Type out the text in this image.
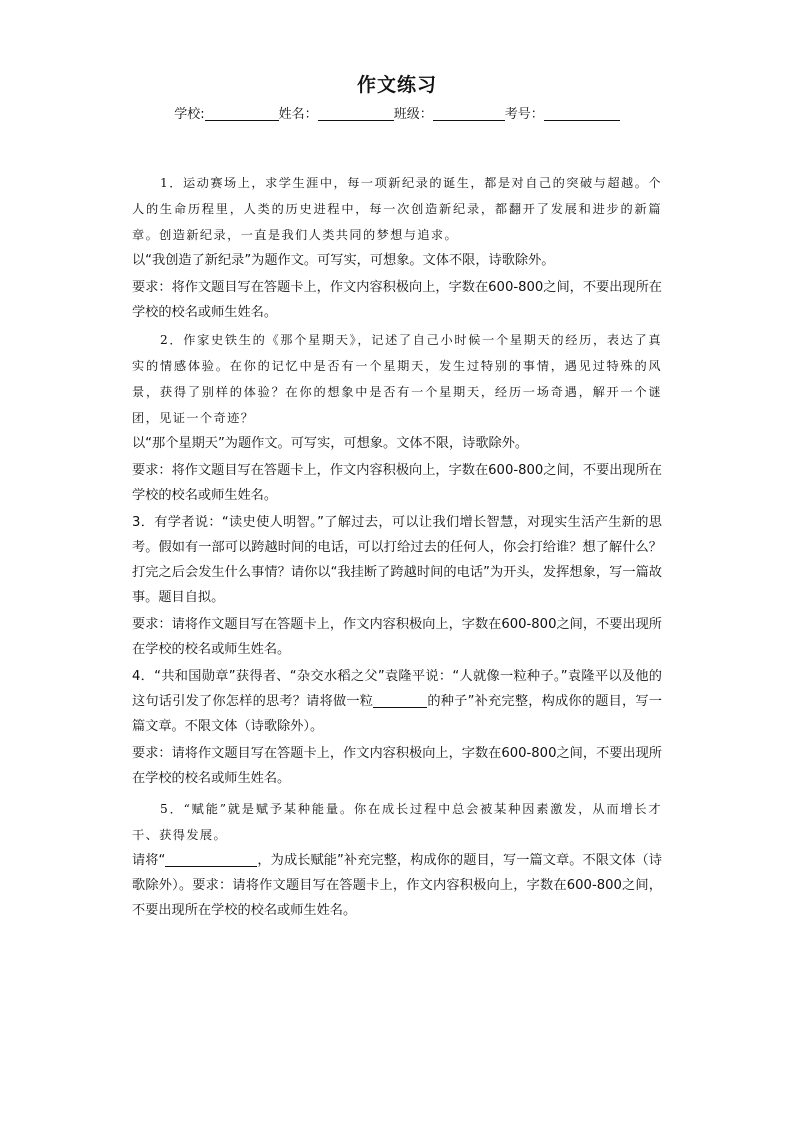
作文练习
学校:	姓名：	班级：	考号：

1．运动赛场上，求学生涯中，每一项新纪录的诞生，都是对自己的突破与超越。个人的生命历程里，人类的历史进程中，每一次创造新纪录，都翻开了发展和进步的新篇章。创造新纪录，一直是我们人类共同的梦想与追求。

以“我创造了新纪录”为题作文。可写实，可想象。文体不限，诗歌除外。

要求：将作文题目写在答题卡上，作文内容积极向上，字数在600-800之间，不要出现所在学校的校名或师生姓名。

2．作家史铁生的《那个星期天》，记述了自己小时候一个星期天的经历，表达了真实的情感体验。在你的记忆中是否有一个星期天，发生过特别的事情，遇见过特殊的风景，获得了别样的体验？在你的想象中是否有一个星期天，经历一场奇遇，解开一个谜团，见证一个奇迹？

以“那个星期天”为题作文。可写实，可想象。文体不限，诗歌除外。

要求：将作文题目写在答题卡上，作文内容积极向上，字数在600-800之间，不要出现所在学校的校名或师生姓名。

3．有学者说：“读史使人明智。”了解过去，可以让我们增长智慧，对现实生活产生新的思考。假如有一部可以跨越时间的电话，可以打给过去的任何人，你会打给谁？想了解什么？打完之后会发生什么事情？请你以“我挂断了跨越时间的电话”为开头，发挥想象，写一篇故事。题目自拟。

要求：请将作文题目写在答题卡上，作文内容积极向上，字数在600-800之间，不要出现所在学校的校名或师生姓名。

4．“共和国勋章”获得者、“杂交水稻之父”袁隆平说：“人就像一粒种子。”袁隆平以及他的这句话引发了你怎样的思考？请将做一粒	的种子”补充完整，构成你的题目，写一篇文章。不限文体（诗歌除外）。

要求：请将作文题目写在答题卡上，作文内容积极向上，字数在600-800之间，不要出现所在学校的校名或师生姓名。

5．“赋能”就是赋予某种能量。你在成长过程中总会被某种因素激发，从而增长才干、获得发展。

请将“	，为成长赋能”补充完整，构成你的题目，写一篇文章。不限文体（诗歌除外）。要求：请将作文题目写在答题卡上，作文内容积极向上，字数在600-800之间，不要出现所在学校的校名或师生姓名。
